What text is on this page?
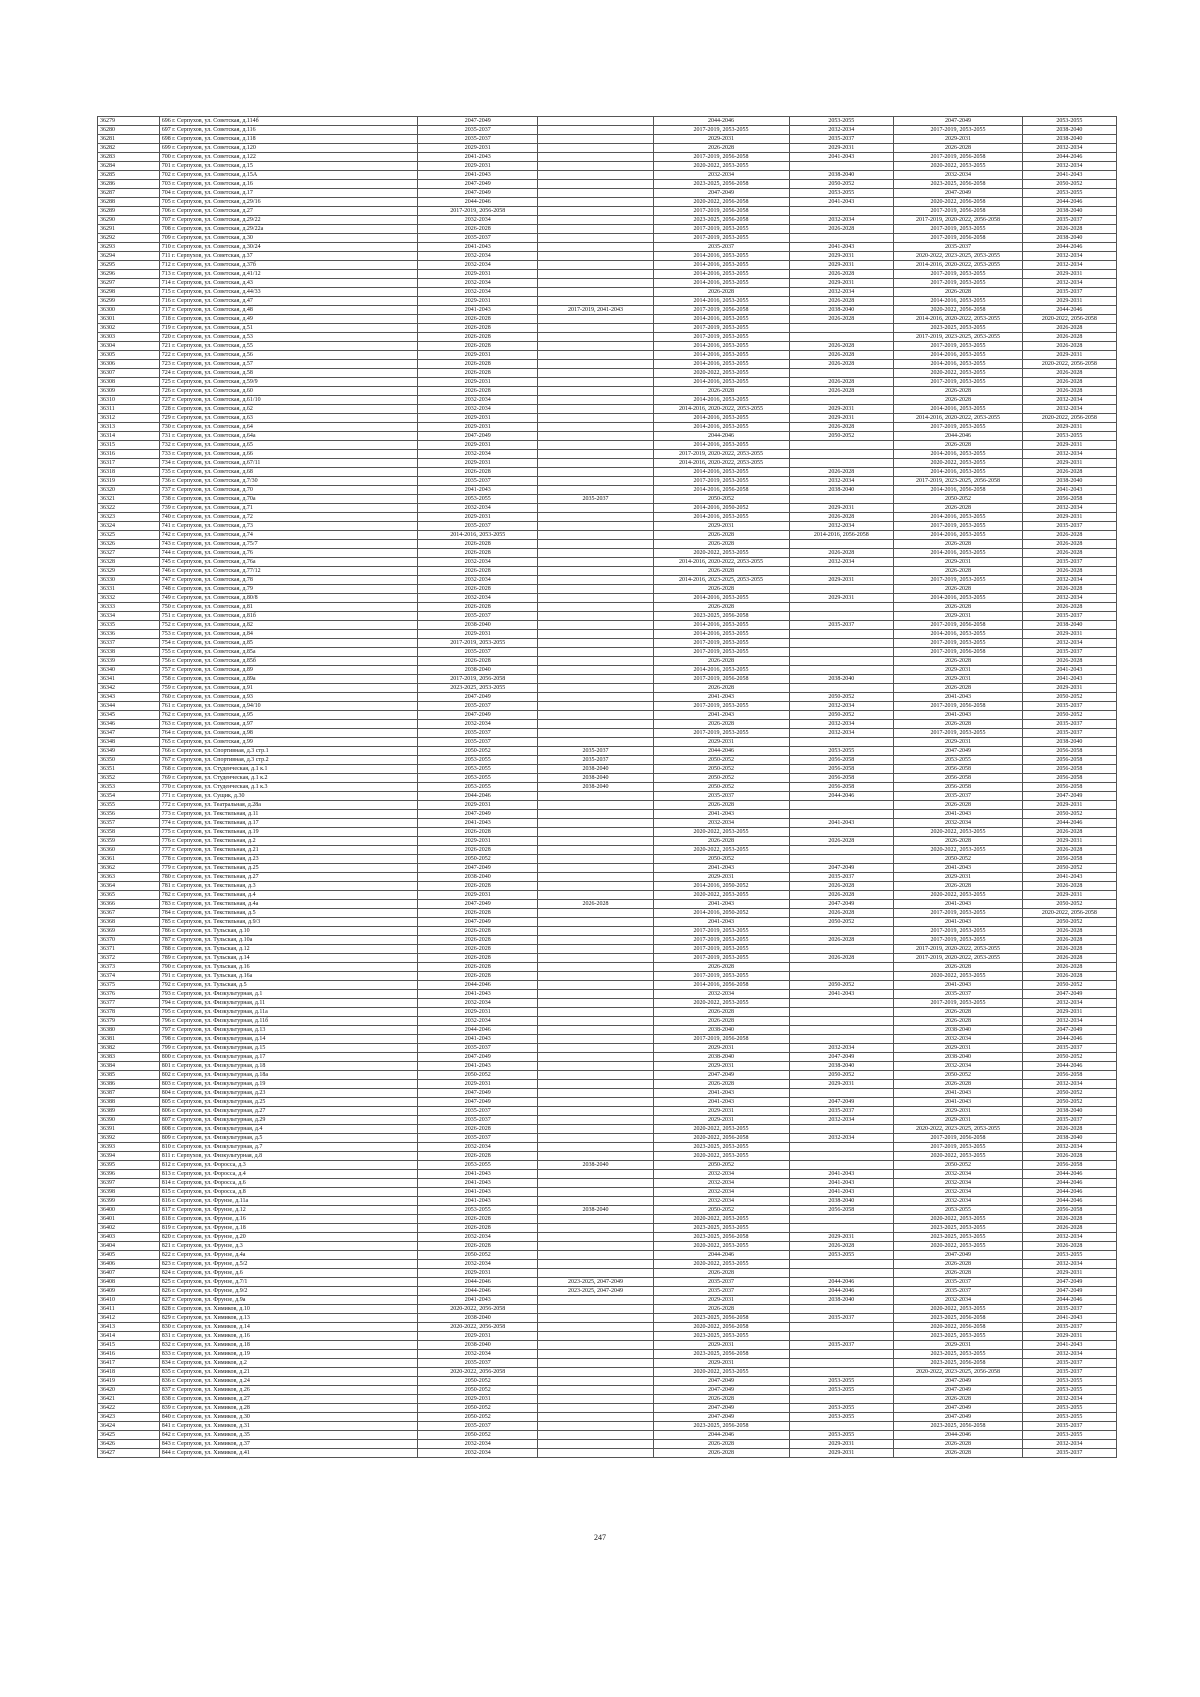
36279	696 г. Серпухов, ул. Советская, д.114б	2047-2049		2044-2046	2053-2055	2047-2049	2053-2055
36280	697 г. Серпухов, ул. Советская, д.116	2035-2037		2017-2019, 2053-2055	2032-2034	2017-2019, 2053-2055	2038-2040
36281	698 г. Серпухов, ул. Советская, д.118	2035-2037		2029-2031	2035-2037	2029-2031	2038-2040
36282	699 г. Серпухов, ул. Советская, д.120	2029-2031		2026-2028	2029-2031	2026-2028	2032-2034
36283	700 г. Серпухов, ул. Советская, д.122	2041-2043		2017-2019, 2056-2058	2041-2043	2017-2019, 2056-2058	2044-2046
36284	701 г. Серпухов, ул. Советская, д.15	2029-2031		2020-2022, 2053-2055		2020-2022, 2053-2055	2032-2034
36285	702 г. Серпухов, ул. Советская, д.15А	2041-2043		2032-2034	2038-2040	2032-2034	2041-2043
36286	703 г. Серпухов, ул. Советская, д.16	2047-2049		2023-2025, 2056-2058	2050-2052	2023-2025, 2056-2058	2050-2052
36287	704 г. Серпухов, ул. Советская, д.17	2047-2049		2047-2049	2053-2055	2047-2049	2053-2055
36288	705 г. Серпухов, ул. Советская, д.29/16	2044-2046		2020-2022, 2056-2058	2041-2043	2020-2022, 2056-2058	2044-2046
36289	706 г. Серпухов, ул. Советская, д.27	2017-2019, 2056-2058		2017-2019, 2056-2058		2017-2019, 2056-2058	2038-2040
36290	707 г. Серпухов, ул. Советская, д.29/22	2032-2034		2023-2025, 2056-2058	2032-2034	2017-2019, 2020-2022, 2056-2058	2035-2037
36291	708 г. Серпухов, ул. Советская, д.29/22а	2026-2028		2017-2019, 2053-2055	2026-2028	2017-2019, 2053-2055	2026-2028
36292	709 г. Серпухов, ул. Советская, д.30	2035-2037		2017-2019, 2053-2055		2017-2019, 2056-2058	2038-2040
36293	710 г. Серпухов, ул. Советская, д.30/24	2041-2043		2035-2037	2041-2043	2035-2037	2044-2046
36294	711 г. Серпухов, ул. Советская, д.37	2032-2034		2014-2016, 2053-2055	2029-2031	2020-2022, 2023-2025, 2053-2055	2032-2034
36295	712 г. Серпухов, ул. Советская, д.37б	2032-2034		2014-2016, 2053-2055	2029-2031	2014-2016, 2020-2022, 2053-2055	2032-2034
36296	713 г. Серпухов, ул. Советская, д.41/12	2029-2031		2014-2016, 2053-2055	2026-2028	2017-2019, 2053-2055	2029-2031
36297	714 г. Серпухов, ул. Советская, д.43	2032-2034		2014-2016, 2053-2055	2029-2031	2017-2019, 2053-2055	2032-2034
36298	715 г. Серпухов, ул. Советская, д.44/33	2032-2034		2026-2028	2032-2034	2026-2028	2035-2037
36299	716 г. Серпухов, ул. Советская, д.47	2029-2031		2014-2016, 2053-2055	2026-2028	2014-2016, 2053-2055	2029-2031
36300	717 г. Серпухов, ул. Советская, д.48	2041-2043	2017-2019, 2041-2043	2017-2019, 2056-2058	2038-2040	2020-2022, 2056-2058	2044-2046
36301	718 г. Серпухов, ул. Советская, д.49	2026-2028		2014-2016, 2053-2055	2026-2028	2014-2016, 2020-2022, 2053-2055	2020-2022, 2056-2058
36302	719 г. Серпухов, ул. Советская, д.51	2026-2028		2017-2019, 2053-2055		2023-2025, 2053-2055	2026-2028
36303	720 г. Серпухов, ул. Советская, д.53	2026-2028		2017-2019, 2053-2055		2017-2019, 2023-2025, 2053-2055	2026-2028
36304	721 г. Серпухов, ул. Советская, д.55	2026-2028		2014-2016, 2053-2055	2026-2028	2017-2019, 2053-2055	2026-2028
36305	722 г. Серпухов, ул. Советская, д.56	2029-2031		2014-2016, 2053-2055	2026-2028	2014-2016, 2053-2055	2029-2031
36306	723 г. Серпухов, ул. Советская, д.57	2026-2028		2014-2016, 2053-2055	2026-2028	2014-2016, 2053-2055	2020-2022, 2056-2058
36307	724 г. Серпухов, ул. Советская, д.58	2026-2028		2020-2022, 2053-2055		2020-2022, 2053-2055	2026-2028
36308	725 г. Серпухов, ул. Советская, д.59/9	2029-2031		2014-2016, 2053-2055	2026-2028	2017-2019, 2053-2055	2026-2028
36309	726 г. Серпухов, ул. Советская, д.60	2026-2028		2026-2028	2026-2028	2026-2028	2026-2028
36310	727 г. Серпухов, ул. Советская, д.61/10	2032-2034		2014-2016, 2053-2055		2026-2028	2032-2034
36311	728 г. Серпухов, ул. Советская, д.62	2032-2034		2014-2016, 2020-2022, 2053-2055	2029-2031	2014-2016, 2053-2055	2032-2034
36312	729 г. Серпухов, ул. Советская, д.63	2029-2031		2014-2016, 2053-2055	2029-2031	2014-2016, 2020-2022, 2053-2055	2020-2022, 2056-2058
36313	730 г. Серпухов, ул. Советская, д.64	2029-2031		2014-2016, 2053-2055	2026-2028	2017-2019, 2053-2055	2029-2031
36314	731 г. Серпухов, ул. Советская, д.64а	2047-2049		2044-2046	2050-2052	2044-2046	2053-2055
36315	732 г. Серпухов, ул. Советская, д.65	2029-2031		2014-2016, 2053-2055		2026-2028	2029-2031
36316	733 г. Серпухов, ул. Советская, д.66	2032-2034		2017-2019, 2020-2022, 2053-2055		2014-2016, 2053-2055	2032-2034
36317	734 г. Серпухов, ул. Советская, д.67/11	2029-2031		2014-2016, 2020-2022, 2053-2055		2020-2022, 2053-2055	2029-2031
36318	735 г. Серпухов, ул. Советская, д.68	2026-2028		2014-2016, 2053-2055	2026-2028	2014-2016, 2053-2055	2026-2028
36319	736 г. Серпухов, ул. Советская, д.7/30	2035-2037		2017-2019, 2053-2055	2032-2034	2017-2019, 2023-2025, 2056-2058	2038-2040
36320	737 г. Серпухов, ул. Советская, д.70	2041-2043		2014-2016, 2056-2058	2038-2040	2014-2016, 2056-2058	2041-2043
36321	738 г. Серпухов, ул. Советская, д.70а	2053-2055	2035-2037	2050-2052		2050-2052	2056-2058
36322	739 г. Серпухов, ул. Советская, д.71	2032-2034		2014-2016, 2050-2052	2029-2031	2026-2028	2032-2034
36323	740 г. Серпухов, ул. Советская, д.72	2029-2031		2014-2016, 2053-2055	2026-2028	2014-2016, 2053-2055	2029-2031
36324	741 г. Серпухов, ул. Советская, д.73	2035-2037		2029-2031	2032-2034	2017-2019, 2053-2055	2035-2037
36325	742 г. Серпухов, ул. Советская, д.74	2014-2016, 2053-2055		2026-2028	2014-2016, 2056-2058	2014-2016, 2053-2055	2026-2028
36326	743 г. Серпухов, ул. Советская, д.75/7	2026-2028		2026-2028		2026-2028	2026-2028
36327	744 г. Серпухов, ул. Советская, д.76	2026-2028		2020-2022, 2053-2055	2026-2028	2014-2016, 2053-2055	2026-2028
36328	745 г. Серпухов, ул. Советская, д.76а	2032-2034		2014-2016, 2020-2022, 2053-2055	2032-2034	2029-2031	2035-2037
36329	746 г. Серпухов, ул. Советская, д.77/12	2026-2028		2026-2028		2026-2028	2026-2028
36330	747 г. Серпухов, ул. Советская, д.78	2032-2034		2014-2016, 2023-2025, 2053-2055	2029-2031	2017-2019, 2053-2055	2032-2034
36331	748 г. Серпухов, ул. Советская, д.79	2026-2028		2026-2028		2026-2028	2026-2028
36332	749 г. Серпухов, ул. Советская, д.80/8	2032-2034		2014-2016, 2053-2055	2029-2031	2014-2016, 2053-2055	2032-2034
36333	750 г. Серпухов, ул. Советская, д.81	2026-2028		2026-2028		2026-2028	2026-2028
36334	751 г. Серпухов, ул. Советская, д.81б	2035-2037		2023-2025, 2056-2058		2029-2031	2035-2037
36335	752 г. Серпухов, ул. Советская, д.82	2038-2040		2014-2016, 2053-2055	2035-2037	2017-2019, 2056-2058	2038-2040
36336	753 г. Серпухов, ул. Советская, д.84	2029-2031		2014-2016, 2053-2055		2014-2016, 2053-2055	2029-2031
36337	754 г. Серпухов, ул. Советская, д.85	2017-2019, 2053-2055		2017-2019, 2053-2055		2017-2019, 2053-2055	2032-2034
36338	755 г. Серпухов, ул. Советская, д.85а	2035-2037		2017-2019, 2053-2055		2017-2019, 2056-2058	2035-2037
36339	756 г. Серпухов, ул. Советская, д.85б	2026-2028		2026-2028		2026-2028	2026-2028
36340	757 г. Серпухов, ул. Советская, д.89	2038-2040		2014-2016, 2053-2055		2029-2031	2041-2043
36341	758 г. Серпухов, ул. Советская, д.89а	2017-2019, 2056-2058		2017-2019, 2056-2058	2038-2040	2029-2031	2041-2043
36342	759 г. Серпухов, ул. Советская, д.91	2023-2025, 2053-2055		2026-2028		2026-2028	2029-2031
36343	760 г. Серпухов, ул. Советская, д.93	2047-2049		2041-2043	2050-2052	2041-2043	2050-2052
36344	761 г. Серпухов, ул. Советская, д.94/10	2035-2037		2017-2019, 2053-2055	2032-2034	2017-2019, 2056-2058	2035-2037
36345	762 г. Серпухов, ул. Советская, д.95	2047-2049		2041-2043	2050-2052	2041-2043	2050-2052
36346	763 г. Серпухов, ул. Советская, д.97	2032-2034		2026-2028	2032-2034	2026-2028	2035-2037
36347	764 г. Серпухов, ул. Советская, д.98	2035-2037		2017-2019, 2053-2055	2032-2034	2017-2019, 2053-2055	2035-2037
36348	765 г. Серпухов, ул. Советская, д.99	2035-2037		2029-2031		2029-2031	2038-2040
36349	766 г. Серпухов, ул. Спортивная, д.3 стр.1	2050-2052	2035-2037	2044-2046	2053-2055	2047-2049	2056-2058
36350	767 г. Серпухов, ул. Спортивная, д.3 стр.2	2053-2055	2035-2037	2050-2052	2056-2058	2053-2055	2056-2058
36351	768 г. Серпухов, ул. Студенческая, д.1 к.1	2053-2055	2038-2040	2050-2052	2056-2058	2056-2058	2056-2058
36352	769 г. Серпухов, ул. Студенческая, д.1 к.2	2053-2055	2038-2040	2050-2052	2056-2058	2056-2058	2056-2058
36353	770 г. Серпухов, ул. Студенческая, д.1 к.3	2053-2055	2038-2040	2050-2052	2056-2058	2056-2058	2056-2058
36354	771 г. Серпухов, ул. Сущик, д.30	2044-2046		2035-2037	2044-2046	2035-2037	2047-2049
36355	772 г. Серпухов, ул. Театральная, д.28а	2029-2031		2026-2028		2026-2028	2029-2031
36356	773 г. Серпухов, ул. Текстильная, д.11	2047-2049		2041-2043		2041-2043	2050-2052
36357	774 г. Серпухов, ул. Текстильная, д.17	2041-2043		2032-2034	2041-2043	2032-2034	2044-2046
36358	775 г. Серпухов, ул. Текстильная, д.19	2026-2028		2020-2022, 2053-2055		2020-2022, 2053-2055	2026-2028
36359	776 г. Серпухов, ул. Текстильная, д.2	2029-2031		2026-2028	2026-2028	2026-2028	2029-2031
36360	777 г. Серпухов, ул. Текстильная, д.21	2026-2028		2020-2022, 2053-2055		2020-2022, 2053-2055	2026-2028
36361	778 г. Серпухов, ул. Текстильная, д.23	2050-2052		2050-2052		2050-2052	2056-2058
36362	779 г. Серпухов, ул. Текстильная, д.25	2047-2049		2041-2043	2047-2049	2041-2043	2050-2052
36363	780 г. Серпухов, ул. Текстильная, д.27	2038-2040		2029-2031	2035-2037	2029-2031	2041-2043
36364	781 г. Серпухов, ул. Текстильная, д.3	2026-2028		2014-2016, 2050-2052	2026-2028	2026-2028	2026-2028
36365	782 г. Серпухов, ул. Текстильная, д.4	2029-2031		2020-2022, 2053-2055	2026-2028	2020-2022, 2053-2055	2029-2031
36366	783 г. Серпухов, ул. Текстильная, д.4а	2047-2049	2026-2028	2041-2043	2047-2049	2041-2043	2050-2052
36367	784 г. Серпухов, ул. Текстильная, д.5	2026-2028		2014-2016, 2050-2052	2026-2028	2017-2019, 2053-2055	2020-2022, 2056-2058
36368	785 г. Серпухов, ул. Текстильная, д.9/3	2047-2049		2041-2043	2050-2052	2041-2043	2050-2052
36369	786 г. Серпухов, ул. Тульская, д.10	2026-2028		2017-2019, 2053-2055		2017-2019, 2053-2055	2026-2028
36370	787 г. Серпухов, ул. Тульская, д.10а	2026-2028		2017-2019, 2053-2055	2026-2028	2017-2019, 2053-2055	2026-2028
36371	788 г. Серпухов, ул. Тульская, д.12	2026-2028		2017-2019, 2053-2055		2017-2019, 2020-2022, 2053-2055	2026-2028
36372	789 г. Серпухов, ул. Тульская, д.14	2026-2028		2017-2019, 2053-2055	2026-2028	2017-2019, 2020-2022, 2053-2055	2026-2028
36373	790 г. Серпухов, ул. Тульская, д.16	2026-2028		2026-2028		2026-2028	2026-2028
36374	791 г. Серпухов, ул. Тульская, д.16а	2026-2028		2017-2019, 2053-2055		2020-2022, 2053-2055	2026-2028
36375	792 г. Серпухов, ул. Тульская, д.5	2044-2046		2014-2016, 2056-2058	2050-2052	2041-2043	2050-2052
36376	793 г. Серпухов, ул. Физкультурная, д.1	2041-2043		2032-2034	2041-2043	2035-2037	2047-2049
36377	794 г. Серпухов, ул. Физкультурная, д.11	2032-2034		2020-2022, 2053-2055		2017-2019, 2053-2055	2032-2034
36378	795 г. Серпухов, ул. Физкультурная, д.11а	2029-2031		2026-2028		2026-2028	2029-2031
36379	796 г. Серпухов, ул. Физкультурная, д.11б	2032-2034		2026-2028		2026-2028	2032-2034
36380	797 г. Серпухов, ул. Физкультурная, д.13	2044-2046		2038-2040		2038-2040	2047-2049
36381	798 г. Серпухов, ул. Физкультурная, д.14	2041-2043		2017-2019, 2056-2058		2032-2034	2044-2046
36382	799 г. Серпухов, ул. Физкультурная, д.15	2035-2037		2029-2031	2032-2034	2029-2031	2035-2037
36383	800 г. Серпухов, ул. Физкультурная, д.17	2047-2049		2038-2040	2047-2049	2038-2040	2050-2052
36384	801 г. Серпухов, ул. Физкультурная, д.18	2041-2043		2029-2031	2038-2040	2032-2034	2044-2046
36385	802 г. Серпухов, ул. Физкультурная, д.18а	2050-2052		2047-2049	2050-2052	2050-2052	2056-2058
36386	803 г. Серпухов, ул. Физкультурная, д.19	2029-2031		2026-2028	2029-2031	2026-2028	2032-2034
36387	804 г. Серпухов, ул. Физкультурная, д.23	2047-2049		2041-2043		2041-2043	2050-2052
36388	805 г. Серпухов, ул. Физкультурная, д.25	2047-2049		2041-2043	2047-2049	2041-2043	2050-2052
36389	806 г. Серпухов, ул. Физкультурная, д.27	2035-2037		2029-2031	2035-2037	2029-2031	2038-2040
36390	807 г. Серпухов, ул. Физкультурная, д.29	2035-2037		2029-2031	2032-2034	2029-2031	2035-2037
36391	808 г. Серпухов, ул. Физкультурная, д.4	2026-2028		2020-2022, 2053-2055		2020-2022, 2023-2025, 2053-2055	2026-2028
36392	809 г. Серпухов, ул. Физкультурная, д.5	2035-2037		2020-2022, 2056-2058	2032-2034	2017-2019, 2056-2058	2038-2040
36393	810 г. Серпухов, ул. Физкультурная, д.7	2032-2034		2023-2025, 2053-2055		2017-2019, 2053-2055	2032-2034
36394	811 г. Серпухов, ул. Физкультурная, д.8	2026-2028		2020-2022, 2053-2055		2020-2022, 2053-2055	2026-2028
36395	812 г. Серпухов, ул. Форосса, д.3	2053-2055	2038-2040	2050-2052		2050-2052	2056-2058
36396	813 г. Серпухов, ул. Форосса, д.4	2041-2043		2032-2034	2041-2043	2032-2034	2044-2046
36397	814 г. Серпухов, ул. Форосса, д.6	2041-2043		2032-2034	2041-2043	2032-2034	2044-2046
36398	815 г. Серпухов, ул. Форосса, д.8	2041-2043		2032-2034	2041-2043	2032-2034	2044-2046
36399	816 г. Серпухов, ул. Фрунзе, д.11а	2041-2043		2032-2034	2038-2040	2032-2034	2044-2046
36400	817 г. Серпухов, ул. Фрунзе, д.12	2053-2055	2038-2040	2050-2052	2056-2058	2053-2055	2056-2058
36401	818 г. Серпухов, ул. Фрунзе, д.16	2026-2028		2020-2022, 2053-2055		2020-2022, 2053-2055	2026-2028
36402	819 г. Серпухов, ул. Фрунзе, д.18	2026-2028		2023-2025, 2053-2055		2023-2025, 2053-2055	2026-2028
36403	820 г. Серпухов, ул. Фрунзе, д.20	2032-2034		2023-2025, 2056-2058	2029-2031	2023-2025, 2053-2055	2032-2034
36404	821 г. Серпухов, ул. Фрунзе, д.3	2026-2028		2020-2022, 2053-2055	2026-2028	2020-2022, 2053-2055	2026-2028
36405	822 г. Серпухов, ул. Фрунзе, д.4а	2050-2052		2044-2046	2053-2055	2047-2049	2053-2055
36406	823 г. Серпухов, ул. Фрунзе, д.5/2	2032-2034		2020-2022, 2053-2055		2026-2028	2032-2034
36407	824 г. Серпухов, ул. Фрунзе, д.6	2029-2031		2026-2028		2026-2028	2029-2031
36408	825 г. Серпухов, ул. Фрунзе, д.7/1	2044-2046	2023-2025, 2047-2049	2035-2037	2044-2046	2035-2037	2047-2049
36409	826 г. Серпухов, ул. Фрунзе, д.9/2	2044-2046	2023-2025, 2047-2049	2035-2037	2044-2046	2035-2037	2047-2049
36410	827 г. Серпухов, ул. Фрунзе, д.9а	2041-2043		2029-2031	2038-2040	2032-2034	2044-2046
36411	828 г. Серпухов, ул. Химиков, д.10	2020-2022, 2056-2058		2026-2028		2020-2022, 2053-2055	2035-2037
36412	829 г. Серпухов, ул. Химиков, д.13	2038-2040		2023-2025, 2056-2058	2035-2037	2023-2025, 2056-2058	2041-2043
36413	830 г. Серпухов, ул. Химиков, д.14	2020-2022, 2056-2058		2020-2022, 2056-2058		2020-2022, 2056-2058	2035-2037
36414	831 г. Серпухов, ул. Химиков, д.16	2029-2031		2023-2025, 2053-2055		2023-2025, 2053-2055	2029-2031
36415	832 г. Серпухов, ул. Химиков, д.18	2038-2040		2029-2031	2035-2037	2029-2031	2041-2043
36416	833 г. Серпухов, ул. Химиков, д.19	2032-2034		2023-2025, 2056-2058		2023-2025, 2053-2055	2032-2034
36417	834 г. Серпухов, ул. Химиков, д.2	2035-2037		2029-2031		2023-2025, 2056-2058	2035-2037
36418	835 г. Серпухов, ул. Химиков, д.21	2020-2022, 2056-2058		2020-2022, 2053-2055		2020-2022, 2023-2025, 2056-2058	2035-2037
36419	836 г. Серпухов, ул. Химиков, д.24	2050-2052		2047-2049	2053-2055	2047-2049	2053-2055
36420	837 г. Серпухов, ул. Химиков, д.26	2050-2052		2047-2049	2053-2055	2047-2049	2053-2055
36421	838 г. Серпухов, ул. Химиков, д.27	2029-2031		2026-2028		2026-2028	2032-2034
36422	839 г. Серпухов, ул. Химиков, д.28	2050-2052		2047-2049	2053-2055	2047-2049	2053-2055
36423	840 г. Серпухов, ул. Химиков, д.30	2050-2052		2047-2049	2053-2055	2047-2049	2053-2055
36424	841 г. Серпухов, ул. Химиков, д.31	2035-2037		2023-2025, 2056-2058		2023-2025, 2056-2058	2035-2037
36425	842 г. Серпухов, ул. Химиков, д.35	2050-2052		2044-2046	2053-2055	2044-2046	2053-2055
36426	843 г. Серпухов, ул. Химиков, д.37	2032-2034		2026-2028	2029-2031	2026-2028	2032-2034
36427	844 г. Серпухов, ул. Химиков, д.41	2032-2034		2026-2028	2029-2031	2026-2028	2035-2037
247
